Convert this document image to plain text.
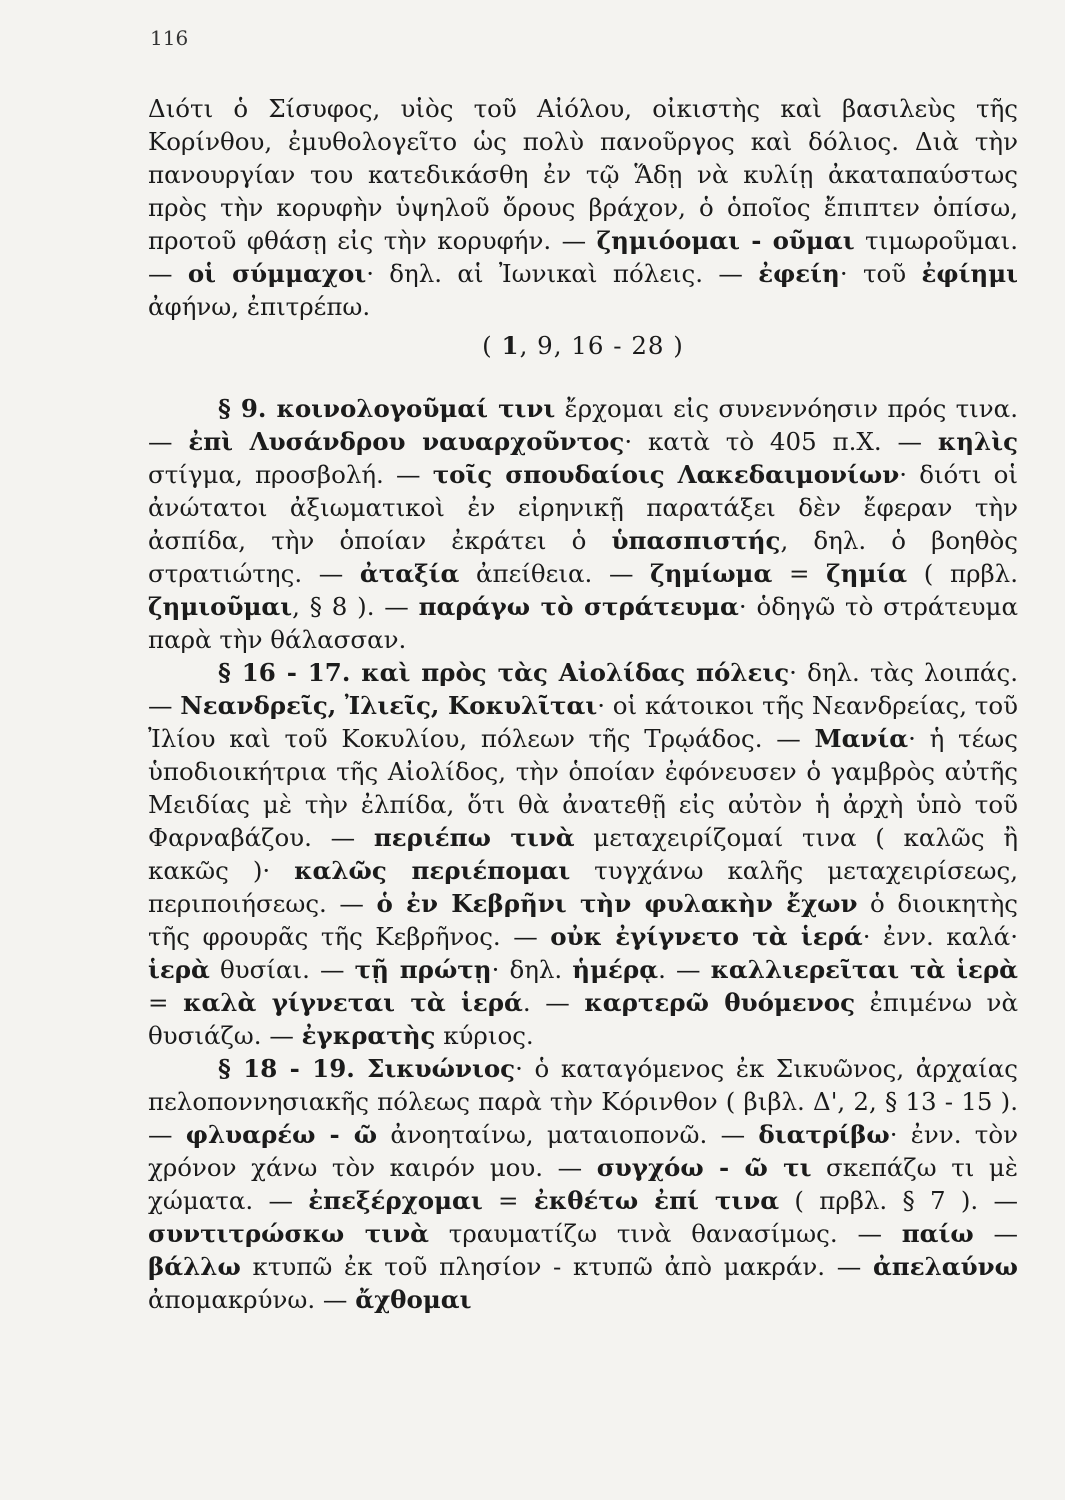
116

Διότι ὁ Σίσυφος, υἱὸς τοῦ Αἰόλου, οἰκιστὴς καὶ βασιλεὺς τῆς Κορίνθου, ἐμυθολογεῖτο ὡς πολὺ πανοῦργος καὶ δόλιος. Διὰ τὴν πανουργίαν του κατεδικάσθη ἐν τῷ Ἅδῃ νὰ κυλίῃ ἀκαταπαύστως πρὸς τὴν κορυφὴν ὑψηλοῦ ὄρους βράχον, ὁ ὁποῖος ἔπιπτεν ὀπίσω, προτοῦ φθάσῃ εἰς τὴν κορυφήν. — ζημιόομαι - οῦμαι τιμωροῦμαι. — οἱ σύμμαχοι· δηλ. αἱ Ἰωνικαὶ πόλεις. — ἐφείη· τοῦ ἐφίημι ἀφήνω, ἐπιτρέπω.

( 1, 9, 16 - 28 )

§ 9. κοινολογοῦμαί τινι ἔρχομαι εἰς συνεννόησιν πρός τινα. — ἐπὶ Λυσάνδρου ναυαρχοῦντος· κατὰ τὸ 405 π.Χ. — κηλὶς στίγμα, προσβολή. — τοῖς σπουδαίοις Λακεδαιμονίων· διότι οἱ ἀνώτατοι ἀξιωματικοὶ ἐν εἰρηνικῇ παρατάξει δὲν ἔφεραν τὴν ἀσπίδα, τὴν ὁποίαν ἐκράτει ὁ ὑπασπιστής, δηλ. ὁ βοηθὸς στρατιώτης. — ἀταξία ἀπείθεια. — ζημίωμα = ζημία ( πρβλ. ζημιοῦμαι, § 8 ). — παράγω τὸ στράτευμα· ὁδηγῶ τὸ στράτευμα παρὰ τὴν θάλασσαν.

§ 16 - 17. καὶ πρὸς τὰς Αἰολίδας πόλεις· δηλ. τὰς λοιπάς. — Νεανδρεῖς, Ἰλιεῖς, Κοκυλῖται· οἱ κάτοικοι τῆς Νεανδρείας, τοῦ Ἰλίου καὶ τοῦ Κοκυλίου, πόλεων τῆς Τρῳάδος. — Μανία· ἡ τέως ὑποδιοικήτρια τῆς Αἰολίδος, τὴν ὁποίαν ἐφόνευσεν ὁ γαμβρὸς αὐτῆς Μειδίας μὲ τὴν ἐλπίδα, ὅτι θὰ ἀνατεθῇ εἰς αὐτὸν ἡ ἀρχὴ ὑπὸ τοῦ Φαρναβάζου. — περιέπω τινὰ μεταχειρίζομαί τινα ( καλῶς ἢ κακῶς )· καλῶς περιέπομαι τυγχάνω καλῆς μεταχειρίσεως, περιποιήσεως. — ὁ ἐν Κεβρῆνι τὴν φυλακὴν ἔχων ὁ διοικητὴς τῆς φρουρᾶς τῆς Κεβρῆνος. — οὐκ ἐγίγνετο τὰ ἱερά· ἐνν. καλά· ἱερὰ θυσίαι. — τῇ πρώτῃ· δηλ. ἡμέρᾳ. — καλλιερεῖται τὰ ἱερὰ = καλὰ γίγνεται τὰ ἱερά. — καρτερῶ θυόμενος ἐπιμένω νὰ θυσιάζω. — ἐγκρατὴς κύριος.

§ 18 - 19. Σικυώνιος· ὁ καταγόμενος ἐκ Σικυῶνος, ἀρχαίας πελοποννησιακῆς πόλεως παρὰ τὴν Κόρινθον ( βιβλ. Δ', 2, § 13 - 15 ). — φλυαρέω - ῶ ἀνοηταίνω, ματαιοπονῶ. — διατρίβω· ἐνν. τὸν χρόνον χάνω τὸν καιρόν μου. — συγχόω - ῶ τι σκεπάζω τι μὲ χώματα. — ἐπεξέρχομαι = ἐκθέτω ἐπί τινα ( πρβλ. § 7 ). — συντιτρώσκω τινὰ τραυματίζω τινὰ θανασίμως. — παίω — βάλλω κτυπῶ ἐκ τοῦ πλησίον - κτυπῶ ἀπὸ μακράν. — ἀπελαύνω ἀπομακρύνω. — ἄχθομαι
